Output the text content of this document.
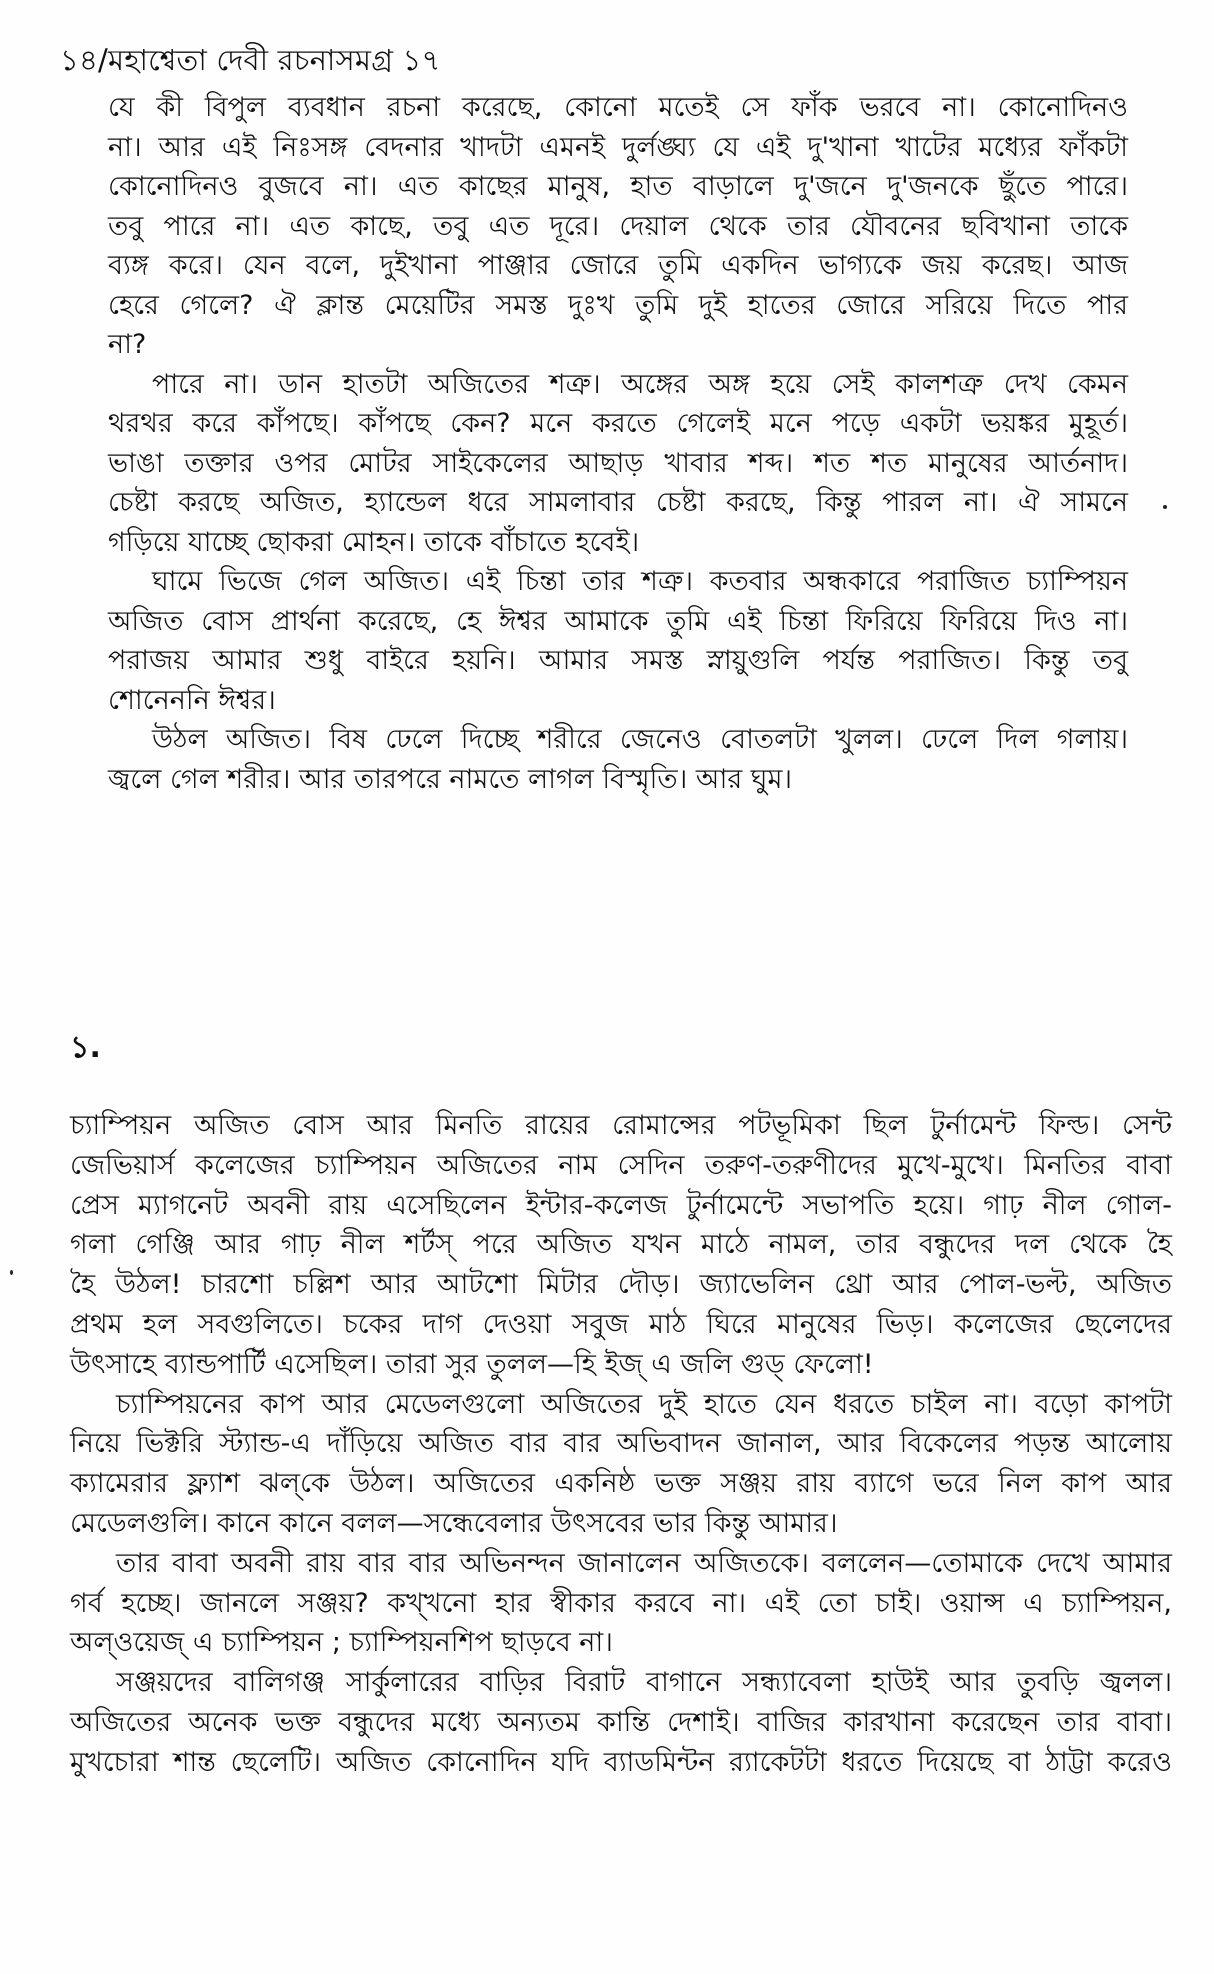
১৪/মহাশ্বেতা দেবী রচনাসমগ্র ১৭
যে কী বিপুল ব্যবধান রচনা করেছে, কোনো মতেই সে ফাঁক ভরবে না। কোনোদিনও
না। আর এই নিঃসঙ্গ বেদনার খাদটা এমনই দুর্লঙ্ঘ্য যে এই দু'খানা খাটের মধ্যের ফাঁকটা
কোনোদিনও বুজবে না। এত কাছের মানুষ, হাত বাড়ালে দু'জনে দু'জনকে ছুঁতে পারে।
তবু পারে না। এত কাছে, তবু এত দূরে। দেয়াল থেকে তার যৌবনের ছবিখানা তাকে
ব্যঙ্গ করে। যেন বলে, দুইখানা পাঞ্জার জোরে তুমি একদিন ভাগ্যকে জয় করেছ। আজ
হেরে গেলে? ঐ ক্লান্ত মেয়েটির সমস্ত দুঃখ তুমি দুই হাতের জোরে সরিয়ে দিতে পার
না?
পারে না। ডান হাতটা অজিতের শত্রু। অঙ্গের অঙ্গ হয়ে সেই কালশত্রু দেখ কেমন
থরথর করে কাঁপছে। কাঁপছে কেন? মনে করতে গেলেই মনে পড়ে একটা ভয়ঙ্কর মুহূর্ত।
ভাঙা তক্তার ওপর মোটর সাইকেলের আছাড় খাবার শব্দ। শত শত মানুষের আর্তনাদ।
চেষ্টা করছে অজিত, হ্যান্ডেল ধরে সামলাবার চেষ্টা করছে, কিন্তু পারল না। ঐ সামনে
গড়িয়ে যাচ্ছে ছোকরা মোহন। তাকে বাঁচাতে হবেই।
ঘামে ভিজে গেল অজিত। এই চিন্তা তার শত্রু। কতবার অন্ধকারে পরাজিত চ্যাম্পিয়ন
অজিত বোস প্রার্থনা করেছে, হে ঈশ্বর আমাকে তুমি এই চিন্তা ফিরিয়ে ফিরিয়ে দিও না।
পরাজয় আমার শুধু বাইরে হয়নি। আমার সমস্ত স্নায়ুগুলি পর্যন্ত পরাজিত। কিন্তু তবু
শোনেননি ঈশ্বর।
উঠল অজিত। বিষ ঢেলে দিচ্ছে শরীরে জেনেও বোতলটা খুলল। ঢেলে দিল গলায়।
জ্বলে গেল শরীর। আর তারপরে নামতে লাগল বিস্মৃতি। আর ঘুম।
১.
চ্যাম্পিয়ন অজিত বোস আর মিনতি রায়ের রোমান্সের পটভূমিকা ছিল টুর্নামেন্ট ফিল্ড। সেন্ট
জেভিয়ার্স কলেজের চ্যাম্পিয়ন অজিতের নাম সেদিন তরুণ-তরুণীদের মুখে-মুখে। মিনতির বাবা
প্রেস ম্যাগনেট অবনী রায় এসেছিলেন ইন্টার-কলেজ টুর্নামেন্টে সভাপতি হয়ে। গাঢ় নীল গোল-
গলা গেঞ্জি আর গাঢ় নীল শর্টস্ পরে অজিত যখন মাঠে নামল, তার বন্ধুদের দল থেকে হৈ
হৈ উঠল! চারশো চল্লিশ আর আটশো মিটার দৌড়। জ্যাভেলিন থ্রো আর পোল-ভল্ট, অজিত
প্রথম হল সবগুলিতে। চকের দাগ দেওয়া সবুজ মাঠ ঘিরে মানুষের ভিড়। কলেজের ছেলেদের
উৎসাহে ব্যান্ডপার্টি এসেছিল। তারা সুর তুলল—হি ইজ্ এ জলি গুড্ ফেলো!
চ্যাম্পিয়নের কাপ আর মেডেলগুলো অজিতের দুই হাতে যেন ধরতে চাইল না। বড়ো কাপটা
নিয়ে ভিক্টরি স্ট্যান্ড-এ দাঁড়িয়ে অজিত বার বার অভিবাদন জানাল, আর বিকেলের পড়ন্ত আলোয়
ক্যামেরার ফ্ল্যাশ ঝল্‌কে উঠল। অজিতের একনিষ্ঠ ভক্ত সঞ্জয় রায় ব্যাগে ভরে নিল কাপ আর
মেডেলগুলি। কানে কানে বলল—সন্ধেবেলার উৎসবের ভার কিন্তু আমার।
তার বাবা অবনী রায় বার বার অভিনন্দন জানালেন অজিতকে। বললেন—তোমাকে দেখে আমার
গর্ব হচ্ছে। জানলে সঞ্জয়? কখ্খনো হার স্বীকার করবে না। এই তো চাই। ওয়ান্স এ চ্যাম্পিয়ন,
অল্‌ওয়েজ্ এ চ্যাম্পিয়ন ; চ্যাম্পিয়নশিপ ছাড়বে না।
সঞ্জয়দের বালিগঞ্জ সার্কুলারের বাড়ির বিরাট বাগানে সন্ধ্যাবেলা হাউই আর তুবড়ি জ্বলল।
অজিতের অনেক ভক্ত বন্ধুদের মধ্যে অন্যতম কান্তি দেশাই। বাজির কারখানা করেছেন তার বাবা।
মুখচোরা শান্ত ছেলেটি। অজিত কোনোদিন যদি ব্যাডমিন্টন র‍্যাকেটটা ধরতে দিয়েছে বা ঠাট্টা করেও
